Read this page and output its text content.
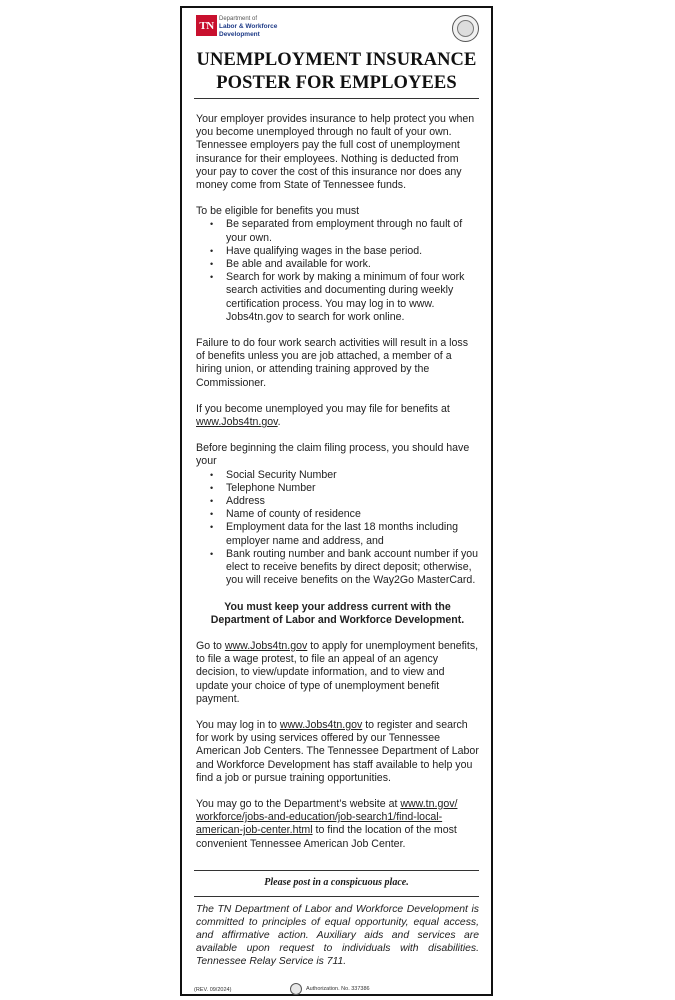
TN
Department of
Labor & Workforce
Development
UNEMPLOYMENT INSURANCE
POSTER FOR EMPLOYEES

Your employer provides insurance to help protect you when you become unemployed through no fault of your own. Tennessee employers pay the full cost of unemployment insurance for their employees. Nothing is deducted from your pay to cover the cost of this insurance nor does any money come from State of Tennessee funds.

To be eligible for benefits you must

• Be separated from employment through no fault of your own.
• Have qualifying wages in the base period.
• Be able and available for work.
• Search for work by making a minimum of four work search activities and documenting during weekly certification process. You may log in to www. Jobs4tn.gov to search for work online.

Failure to do four work search activities will result in a loss of benefits unless you are job attached, a member of a hiring union, or attending training approved by the Commissioner.

If you become unemployed you may file for benefits at www.Jobs4tn.gov.

Before beginning the claim filing process, you should have your

• Social Security Number
• Telephone Number
• Address
• Name of county of residence
• Employment data for the last 18 months including employer name and address, and
• Bank routing number and bank account number if you elect to receive benefits by direct deposit; otherwise, you will receive benefits on the Way2Go MasterCard.

You must keep your address current with the Department of Labor and Workforce Development.

Go to www.Jobs4tn.gov to apply for unemployment benefits, to file a wage protest, to file an appeal of an agency decision, to view/update information, and to view and update your choice of type of unemployment benefit payment.

You may log in to www.Jobs4tn.gov to register and search for work by using services offered by our Tennessee American Job Centers. The Tennessee Department of Labor and Workforce Development has staff available to help you find a job or pursue training opportunities.

You may go to the Department’s website at www.tn.gov/ workforce/jobs-and-education/job-search1/find-local-american-job-center.html to find the location of the most convenient Tennessee American Job Center.

Please post in a conspicuous place.
The TN Department of Labor and Workforce Development is committed to principles of equal opportunity, equal access, and affirmative action. Auxiliary aids and services are available upon request to individuals with disabilities. Tennessee Relay Service is 711.
(REV. 09/2024)	Authorization. No. 337386
